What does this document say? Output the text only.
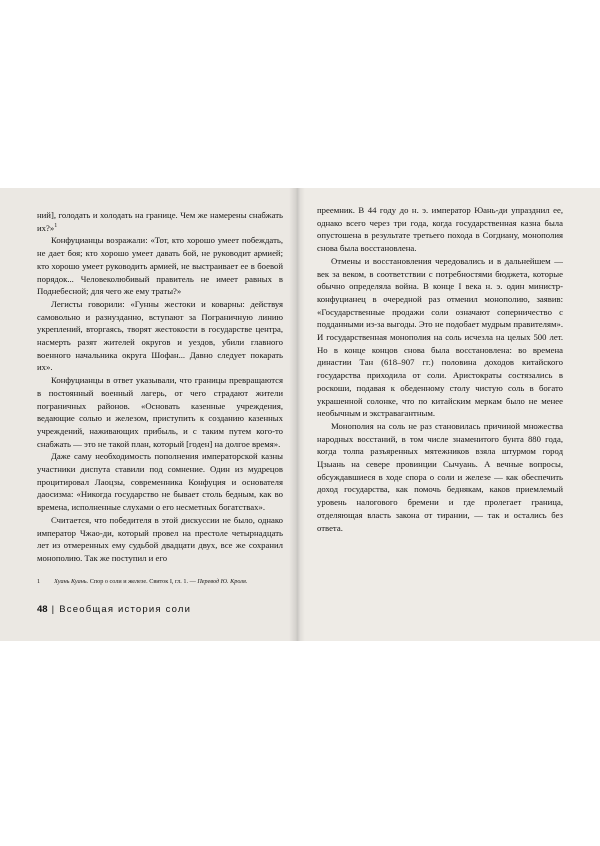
ний], голодать и холодать на границе. Чем же намерены снабжать их?»$^1$

Конфуцианцы возражали: «Тот, кто хорошо умеет побеждать, не дает боя; кто хорошо умеет давать бой, не руководит армией; кто хорошо умеет руководить армией, не выстраивает ее в боевой порядок... Человеколюбивый правитель не имеет равных в Поднебесной; для чего же ему траты?»

Легисты говорили: «Гунны жестоки и коварны: действуя самовольно и разнузданно, вступают за Пограничную линию укреплений, вторгаясь, творят жестокости в государстве центра, насмерть разят жителей округов и уездов, убили главного военного начальника округа Шофан... Давно следует покарать их».

Конфуцианцы в ответ указывали, что границы превращаются в постоянный военный лагерь, от чего страдают жители пограничных районов. «Основать казенные учреждения, ведающие солью и железом, приступить к созданию казенных учреждений, наживающих прибыль, и с таким путем кого-то снабжать — это не такой план, который [годен] на долгое время».

Даже саму необходимость пополнения императорской казны участники диспута ставили под сомнение. Один из мудрецов процитировал Лаоцзы, современника Конфуция и основателя даосизма: «Никогда государство не бывает столь бедным, как во времена, исполненные слухами о его несметных богатствах».

Считается, что победителя в этой дискуссии не было, однако император Чжао-ди, который провел на престоле четырнадцать лет из отмеренных ему судьбой двадцати двух, все же сохранил монополию. Так же поступил и его

1 Хуань Куань. Спор о соли и железе. Свиток I, гл. 1. — Перевод Ю. Кроля.
48 | Всеобщая история соли

преемник. В 44 году до н. э. император Юань-ди упразднил ее, однако всего через три года, когда государственная казна была опустошена в результате третьего похода в Согдиану, монополия снова была восстановлена.

Отмены и восстановления чередовались и в дальнейшем — век за веком, в соответствии с потребностями бюджета, которые обычно определяла война. В конце I века н. э. один министр-конфуцианец в очередной раз отменил монополию, заявив: «Государственные продажи соли означают соперничество с подданными из-за выгоды. Это не подобает мудрым правителям». И государственная монополия на соль исчезла на целых 500 лет. Но в конце концов снова была восстановлена: во времена династии Тан (618–907 гг.) половина доходов китайского государства приходила от соли. Аристократы состязались в роскоши, подавая к обеденному столу чистую соль в богато украшенной солонке, что по китайским меркам было не менее необычным и экстравагантным.

Монополия на соль не раз становилась причиной множества народных восстаний, в том числе знаменитого бунта 880 года, когда толпа разъяренных мятежников взяла штурмом город Цзыань на севере провинции Сычуань. А вечные вопросы, обсуждавшиеся в ходе спора о соли и железе — как обеспечить доход государства, как помочь беднякам, каков приемлемый уровень налогового бремени и где пролегает граница, отделяющая власть закона от тирании, — так и остались без ответа.
